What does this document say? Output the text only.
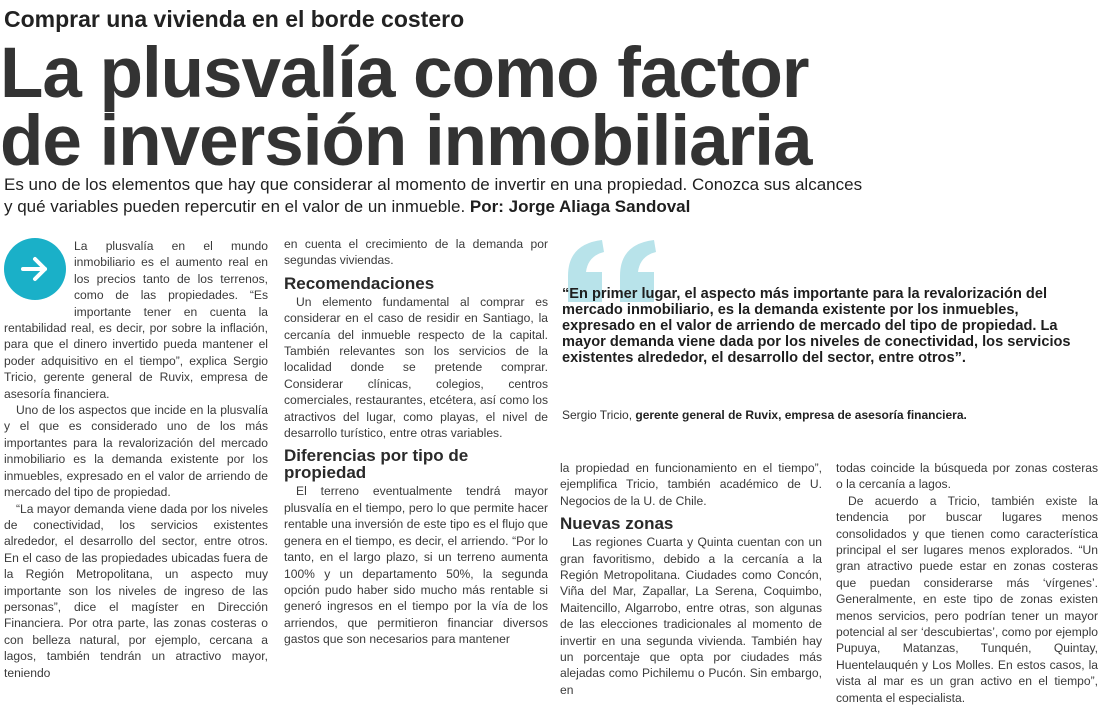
Comprar una vivienda en el borde costero
La plusvalía como factor
de inversión inmobiliaria
Es uno de los elementos que hay que considerar al momento de invertir en una propiedad. Conozca sus alcances
y qué variables pueden repercutir en el valor de un inmueble. Por: Jorge Aliaga Sandoval

La plusvalía en el mundo inmobiliario es el aumento real en los precios tanto de los terrenos, como de las propiedades. “Es importante tener en cuenta la rentabilidad real, es decir, por sobre la inflación, para que el dinero invertido pueda mantener el poder adquisitivo en el tiempo”, explica Sergio Tricio, gerente general de Ruvix, empresa de asesoría financiera.

Uno de los aspectos que incide en la plusvalía y el que es considerado uno de los más importantes para la revalorización del mercado inmobiliario es la demanda existente por los inmuebles, expresado en el valor de arriendo de mercado del tipo de propiedad.

“La mayor demanda viene dada por los niveles de conectividad, los servicios existentes alrededor, el desarrollo del sector, entre otros. En el caso de las propiedades ubicadas fuera de la Región Metropolitana, un aspecto muy importante son los niveles de ingreso de las personas”, dice el magíster en Dirección Financiera. Por otra parte, las zonas costeras o con belleza natural, por ejemplo, cercana a lagos, también tendrán un atractivo mayor, teniendo

en cuenta el crecimiento de la demanda por segundas viviendas.

Recomendaciones

Un elemento fundamental al comprar es considerar en el caso de residir en Santiago, la cercanía del inmueble respecto de la capital. También relevantes son los servicios de la localidad donde se pretende comprar. Considerar clínicas, colegios, centros comerciales, restaurantes, etcétera, así como los atractivos del lugar, como playas, el nivel de desarrollo turístico, entre otras variables.

Diferencias por tipo de propiedad

El terreno eventualmente tendrá mayor plusvalía en el tiempo, pero lo que permite hacer rentable una inversión de este tipo es el flujo que genera en el tiempo, es decir, el arriendo. “Por lo tanto, en el largo plazo, si un terreno aumenta 100% y un departamento 50%, la segunda opción pudo haber sido mucho más rentable si generó ingresos en el tiempo por la vía de los arriendos, que permitieron financiar diversos gastos que son necesarios para mantener

“En primer lugar, el aspecto más importante para la revalorización del mercado inmobiliario, es la demanda existente por los inmuebles, expresado en el valor de arriendo de mercado del tipo de propiedad. La mayor demanda viene dada por los niveles de conectividad, los servicios existentes alrededor, el desarrollo del sector, entre otros”.
Sergio Tricio, gerente general de Ruvix, empresa de asesoría financiera.

la propiedad en funcionamiento en el tiempo”, ejemplifica Tricio, también académico de U. Negocios de la U. de Chile.

Nuevas zonas

Las regiones Cuarta y Quinta cuentan con un gran favoritismo, debido a la cercanía a la Región Metropolitana. Ciudades como Concón, Viña del Mar, Zapallar, La Serena, Coquimbo, Maitencillo, Algarrobo, entre otras, son algunas de las elecciones tradicionales al momento de invertir en una segunda vivienda. También hay un porcentaje que opta por ciudades más alejadas como Pichilemu o Pucón. Sin embargo, en

todas coincide la búsqueda por zonas costeras o la cercanía a lagos.

De acuerdo a Tricio, también existe la tendencia por buscar lugares menos consolidados y que tienen como característica principal el ser lugares menos explorados. “Un gran atractivo puede estar en zonas costeras que puedan considerarse más ‘vírgenes’. Generalmente, en este tipo de zonas existen menos servicios, pero podrían tener un mayor potencial al ser ‘descubiertas’, como por ejemplo Pupuya, Matanzas, Tunquén, Quintay, Huentelauquén y Los Molles. En estos casos, la vista al mar es un gran activo en el tiempo”, comenta el especialista.
